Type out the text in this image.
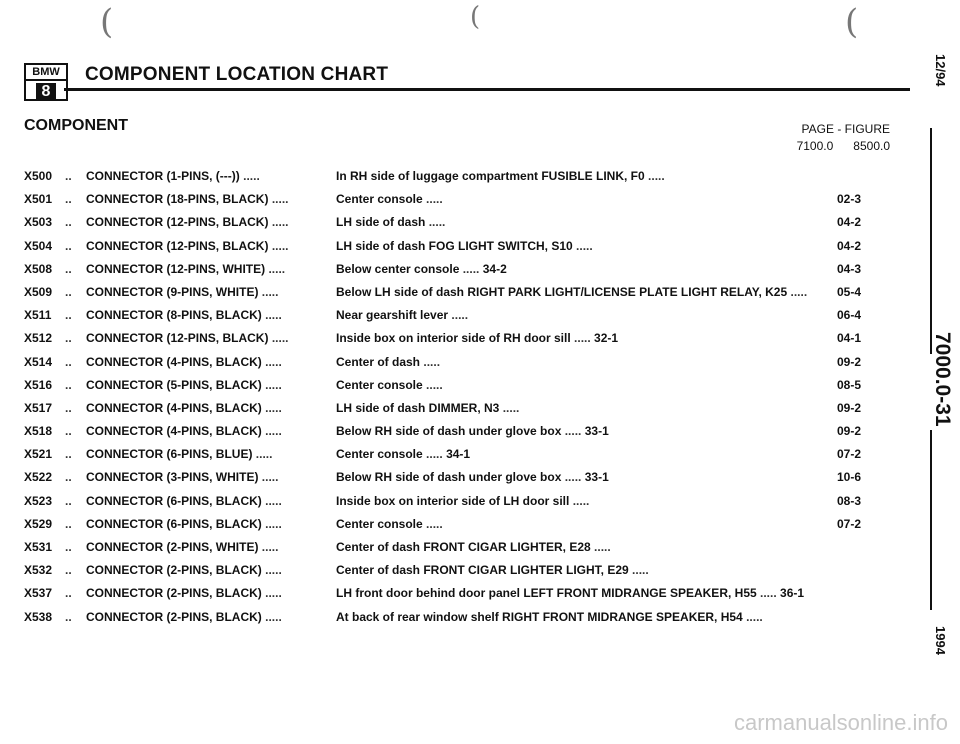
(	(	(
BMW
8
COMPONENT LOCATION CHART
COMPONENT	PAGE - FIGURE
7100.0 8500.0
X500 .. CONNECTOR (1-PINS, (---)) .....	In RH side of luggage compartment FUSIBLE LINK, F0 .....
X501 .. CONNECTOR (18-PINS, BLACK) .....	Center console .....	02-3
X503 .. CONNECTOR (12-PINS, BLACK) .....	LH side of dash .....	04-2
X504 .. CONNECTOR (12-PINS, BLACK) .....	LH side of dash FOG LIGHT SWITCH, S10 .....	04-2
X508 .. CONNECTOR (12-PINS, WHITE) .....	Below center console ..... 34-2	04-3
X509 .. CONNECTOR (9-PINS, WHITE) .....	Below LH side of dash RIGHT PARK LIGHT/LICENSE PLATE LIGHT RELAY, K25 .....	05-4
X511 .. CONNECTOR (8-PINS, BLACK) .....	Near gearshift lever .....	06-4
X512 .. CONNECTOR (12-PINS, BLACK) .....	Inside box on interior side of RH door sill ..... 32-1	04-1
X514 .. CONNECTOR (4-PINS, BLACK) .....	Center of dash .....	09-2
X516 .. CONNECTOR (5-PINS, BLACK) .....	Center console .....	08-5
X517 .. CONNECTOR (4-PINS, BLACK) .....	LH side of dash DIMMER, N3 .....	09-2
X518 .. CONNECTOR (4-PINS, BLACK) .....	Below RH side of dash under glove box ..... 33-1	09-2
X521 .. CONNECTOR (6-PINS, BLUE) .....	Center console ..... 34-1	07-2
X522 .. CONNECTOR (3-PINS, WHITE) .....	Below RH side of dash under glove box ..... 33-1	10-6
X523 .. CONNECTOR (6-PINS, BLACK) .....	Inside box on interior side of LH door sill .....	08-3
X529 .. CONNECTOR (6-PINS, BLACK) .....	Center console .....	07-2
X531 .. CONNECTOR (2-PINS, WHITE) .....	Center of dash FRONT CIGAR LIGHTER, E28 .....
X532 .. CONNECTOR (2-PINS, BLACK) .....	Center of dash FRONT CIGAR LIGHTER LIGHT, E29 .....
X537 .. CONNECTOR (2-PINS, BLACK) .....	LH front door behind door panel LEFT FRONT MIDRANGE SPEAKER, H55 ..... 36-1
X538 .. CONNECTOR (2-PINS, BLACK) .....	At back of rear window shelf RIGHT FRONT MIDRANGE SPEAKER, H54 .....
12/94
7000.0-31
1994
carmanualsonline.info
